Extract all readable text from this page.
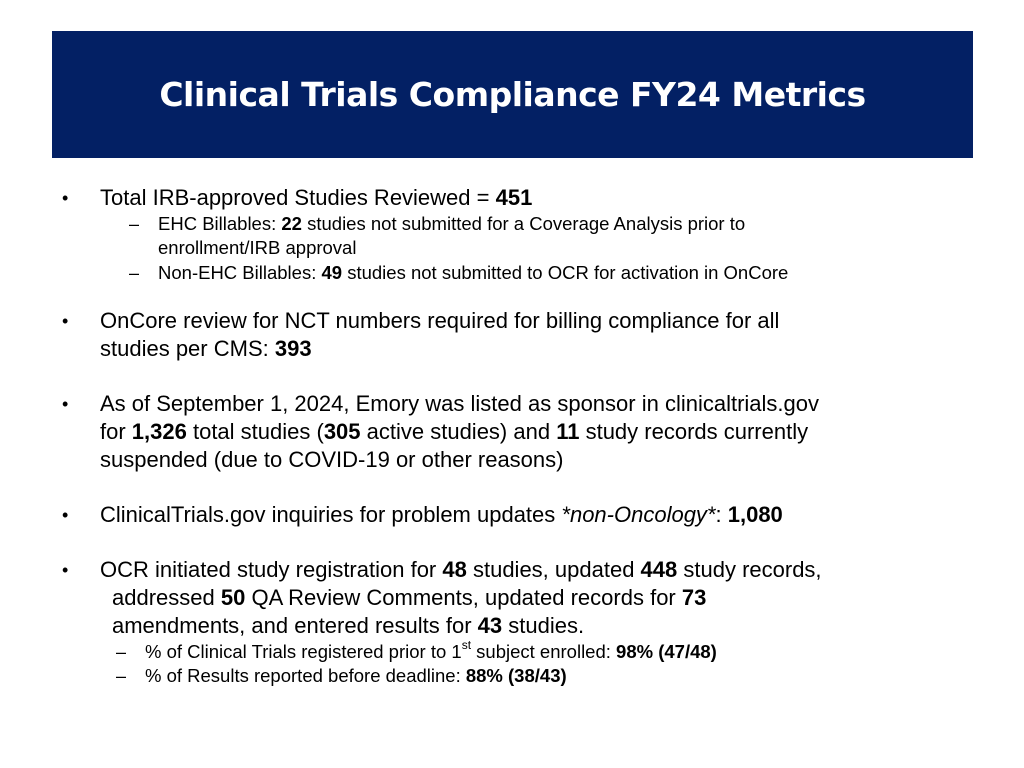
Clinical Trials Compliance FY24 Metrics
• Total IRB-approved Studies Reviewed = 451
– EHC Billables: 22 studies not submitted for a Coverage Analysis prior to
enrollment/IRB approval
– Non-EHC Billables: 49 studies not submitted to OCR for activation in OnCore
• OnCore review for NCT numbers required for billing compliance for all
studies per CMS: 393
• As of September 1, 2024, Emory was listed as sponsor in clinicaltrials.gov
for 1,326 total studies (305 active studies) and 11 study records currently
suspended (due to COVID-19 or other reasons)
• ClinicalTrials.gov inquiries for problem updates *non-Oncology*: 1,080
• OCR initiated study registration for 48 studies, updated 448 study records,
addressed 50 QA Review Comments, updated records for 73
amendments, and entered results for 43 studies.
– % of Clinical Trials registered prior to 1st subject enrolled: 98% (47/48)
– % of Results reported before deadline: 88% (38/43)
